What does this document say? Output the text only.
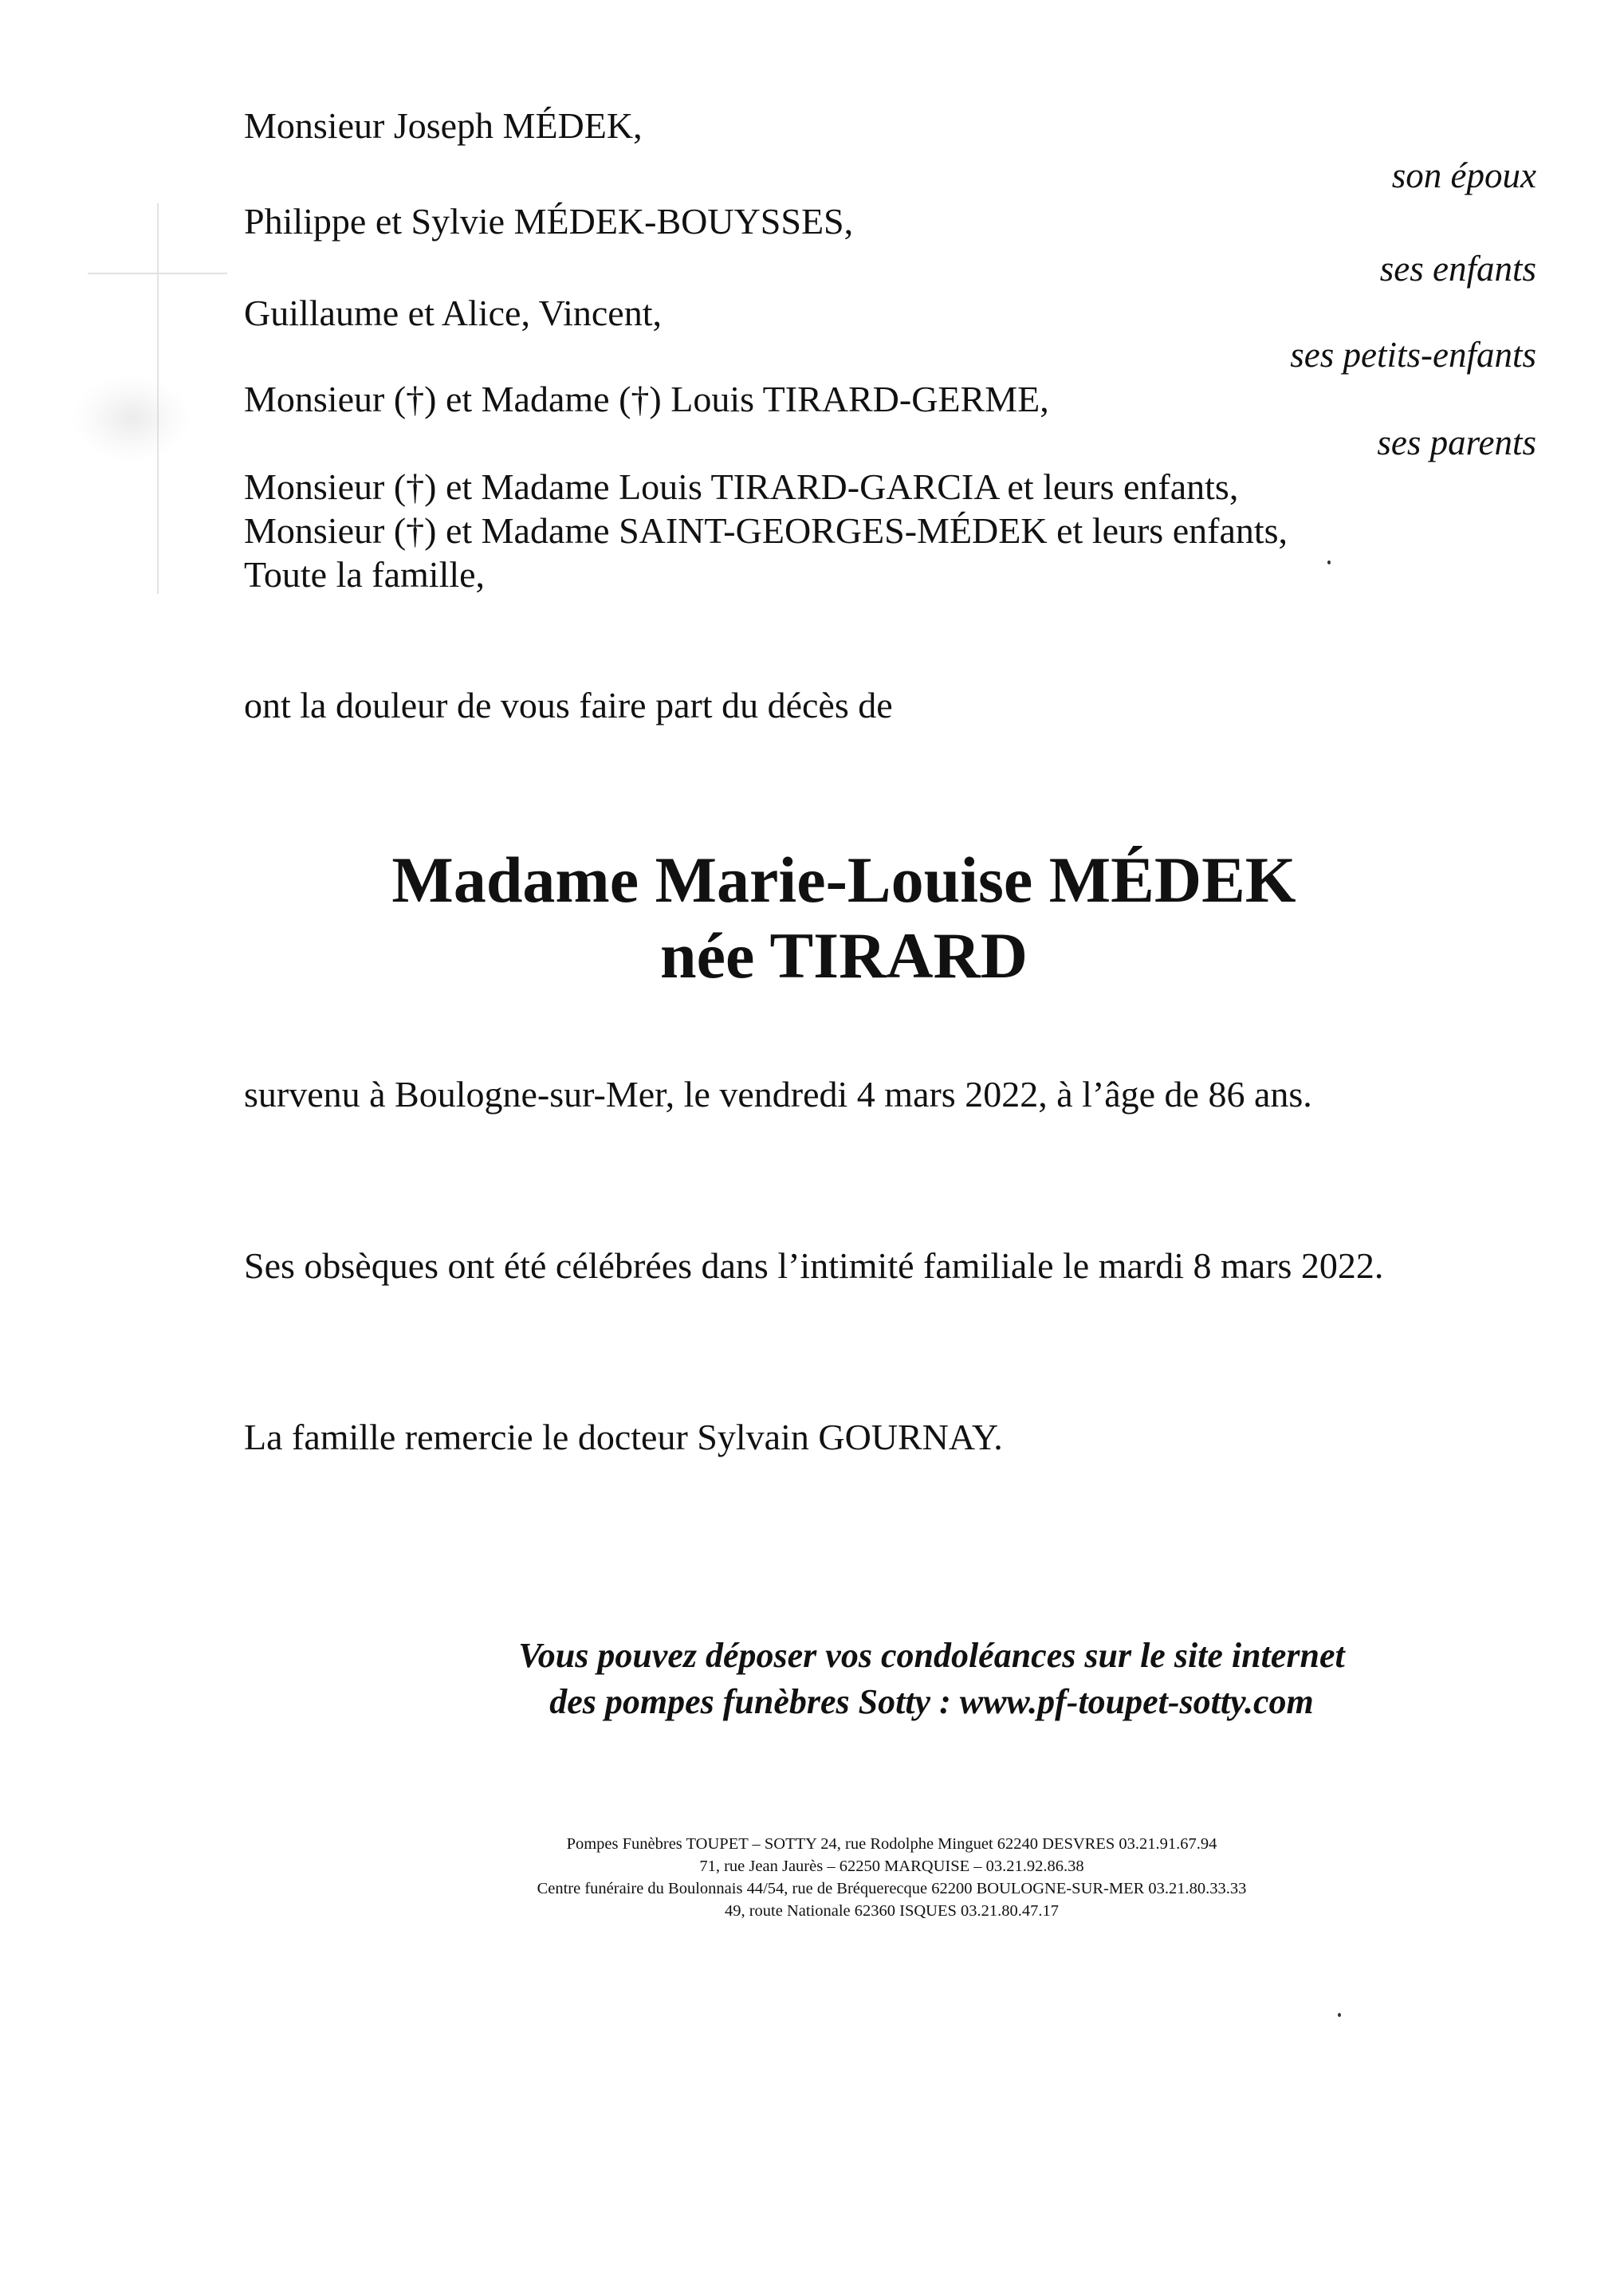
Monsieur Joseph MÉDEK,
son époux
Philippe et Sylvie MÉDEK-BOUYSSES,
ses enfants
Guillaume et Alice, Vincent,
ses petits-enfants
Monsieur (†) et Madame (†) Louis TIRARD-GERME,
ses parents
Monsieur (†) et Madame Louis TIRARD-GARCIA et leurs enfants,
Monsieur (†) et Madame SAINT-GEORGES-MÉDEK et leurs enfants,
Toute la famille,
ont la douleur de vous faire part du décès de
Madame Marie-Louise MÉDEK
née TIRARD
survenu à Boulogne-sur-Mer, le vendredi 4 mars 2022, à l’âge de 86 ans.
Ses obsèques ont été célébrées dans l’intimité familiale le mardi 8 mars 2022.
La famille remercie le docteur Sylvain GOURNAY.
Vous pouvez déposer vos condoléances sur le site internet
des pompes funèbres Sotty : www.pf-toupet-sotty.com
Pompes Funèbres TOUPET – SOTTY 24, rue Rodolphe Minguet 62240 DESVRES 03.21.91.67.94
71, rue Jean Jaurès – 62250 MARQUISE – 03.21.92.86.38
Centre funéraire du Boulonnais 44/54, rue de Bréquerecque 62200 BOULOGNE-SUR-MER 03.21.80.33.33
49, route Nationale 62360 ISQUES 03.21.80.47.17
